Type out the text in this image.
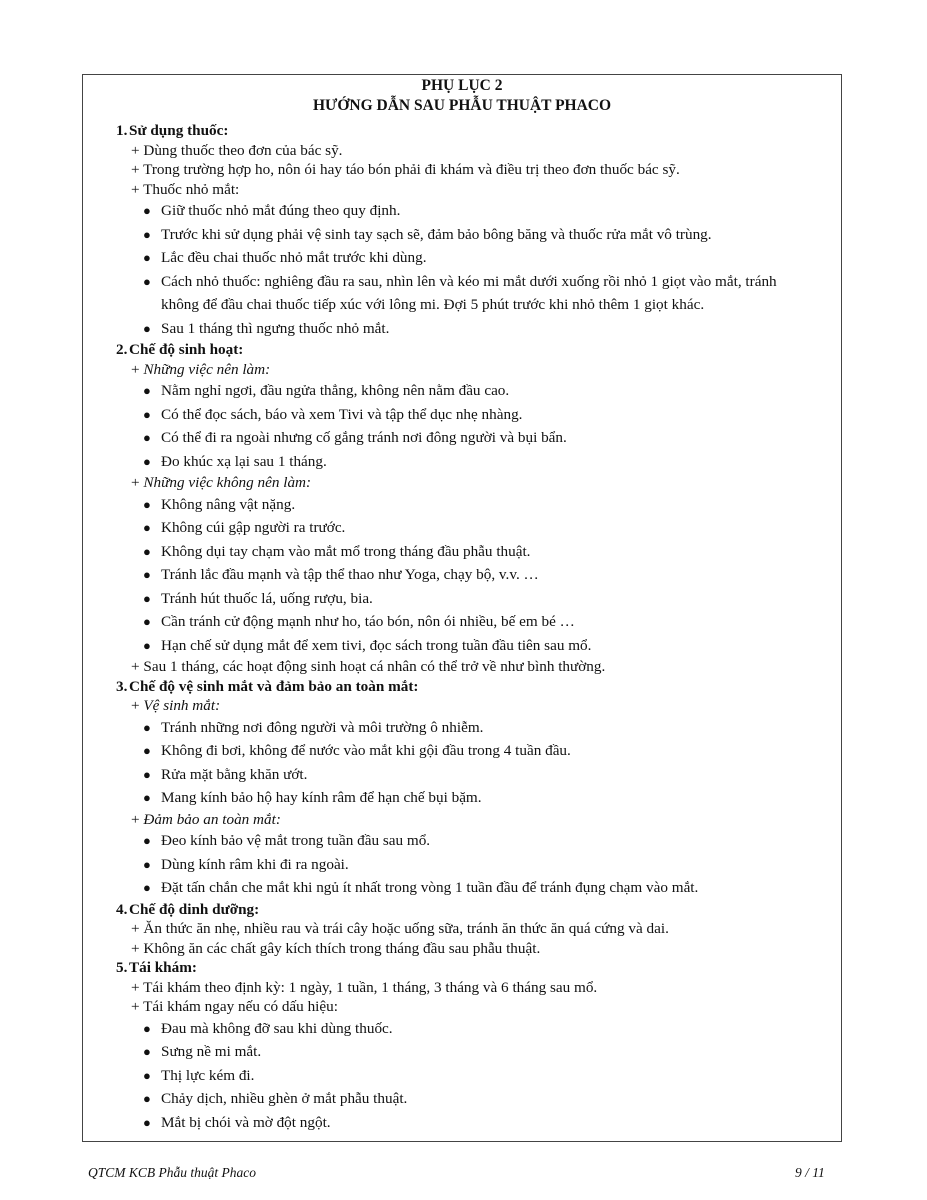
PHỤ LỤC 2
HƯỚNG DẪN SAU PHẪU THUẬT PHACO
1. Sử dụng thuốc:
+ Dùng thuốc theo đơn của bác sỹ.
+ Trong trường hợp ho, nôn ói hay táo bón phải đi khám và điều trị theo đơn thuốc bác sỹ.
+ Thuốc nhỏ mắt:
● Giữ thuốc nhỏ mắt đúng theo quy định.
● Trước khi sử dụng phải vệ sinh tay sạch sẽ, đảm bảo bông băng và thuốc rửa mắt vô trùng.
● Lắc đều chai thuốc nhỏ mắt trước khi dùng.
● Cách nhỏ thuốc: nghiêng đầu ra sau, nhìn lên và kéo mi mắt dưới xuống rồi nhỏ 1 giọt vào mắt, tránh không để đầu chai thuốc tiếp xúc với lông mi. Đợi 5 phút trước khi nhỏ thêm 1 giọt khác.
● Sau 1 tháng thì ngưng thuốc nhỏ mắt.
2. Chế độ sinh hoạt:
+ Những việc nên làm:
● Nằm nghỉ ngơi, đầu ngửa thẳng, không nên nằm đầu cao.
● Có thể đọc sách, báo và xem Tivi và tập thể dục nhẹ nhàng.
● Có thể đi ra ngoài nhưng cố gắng tránh nơi đông người và bụi bẩn.
● Đo khúc xạ lại sau 1 tháng.
+ Những việc không nên làm:
● Không nâng vật nặng.
● Không cúi gập người ra trước.
● Không dụi tay chạm vào mắt mổ trong tháng đầu phẫu thuật.
● Tránh lắc đầu mạnh và tập thể thao như Yoga, chạy bộ, v.v. …
● Tránh hút thuốc lá, uống rượu, bia.
● Cần tránh cử động mạnh như ho, táo bón, nôn ói nhiều, bế em bé …
● Hạn chế sử dụng mắt để xem tivi, đọc sách trong tuần đầu tiên sau mổ.
+ Sau 1 tháng, các hoạt động sinh hoạt cá nhân có thể trở về như bình thường.
3. Chế độ vệ sinh mắt và đảm bảo an toàn mắt:
+ Vệ sinh mắt:
● Tránh những nơi đông người và môi trường ô nhiễm.
● Không đi bơi, không để nước vào mắt khi gội đầu trong 4 tuần đầu.
● Rửa mặt bằng khăn ướt.
● Mang kính bảo hộ hay kính râm để hạn chế bụi bặm.
+ Đảm bảo an toàn mắt:
● Đeo kính bảo vệ mắt trong tuần đầu sau mổ.
● Dùng kính râm khi đi ra ngoài.
● Đặt tấn chắn che mắt khi ngủ ít nhất trong vòng 1 tuần đầu để tránh đụng chạm vào mắt.
4. Chế độ dinh dưỡng:
+ Ăn thức ăn nhẹ, nhiều rau và trái cây hoặc uống sữa, tránh ăn thức ăn quá cứng và dai.
+ Không ăn các chất gây kích thích trong tháng đầu sau phẫu thuật.
5. Tái khám:
+ Tái khám theo định kỳ: 1 ngày, 1 tuần, 1 tháng, 3 tháng và 6 tháng sau mổ.
+ Tái khám ngay nếu có dấu hiệu:
● Đau mà không đỡ sau khi dùng thuốc.
● Sưng nề mi mắt.
● Thị lực kém đi.
● Chảy dịch, nhiều ghèn ở mắt phẫu thuật.
● Mắt bị chói và mờ đột ngột.
QTCM KCB Phẫu thuật Phaco	9 / 11
